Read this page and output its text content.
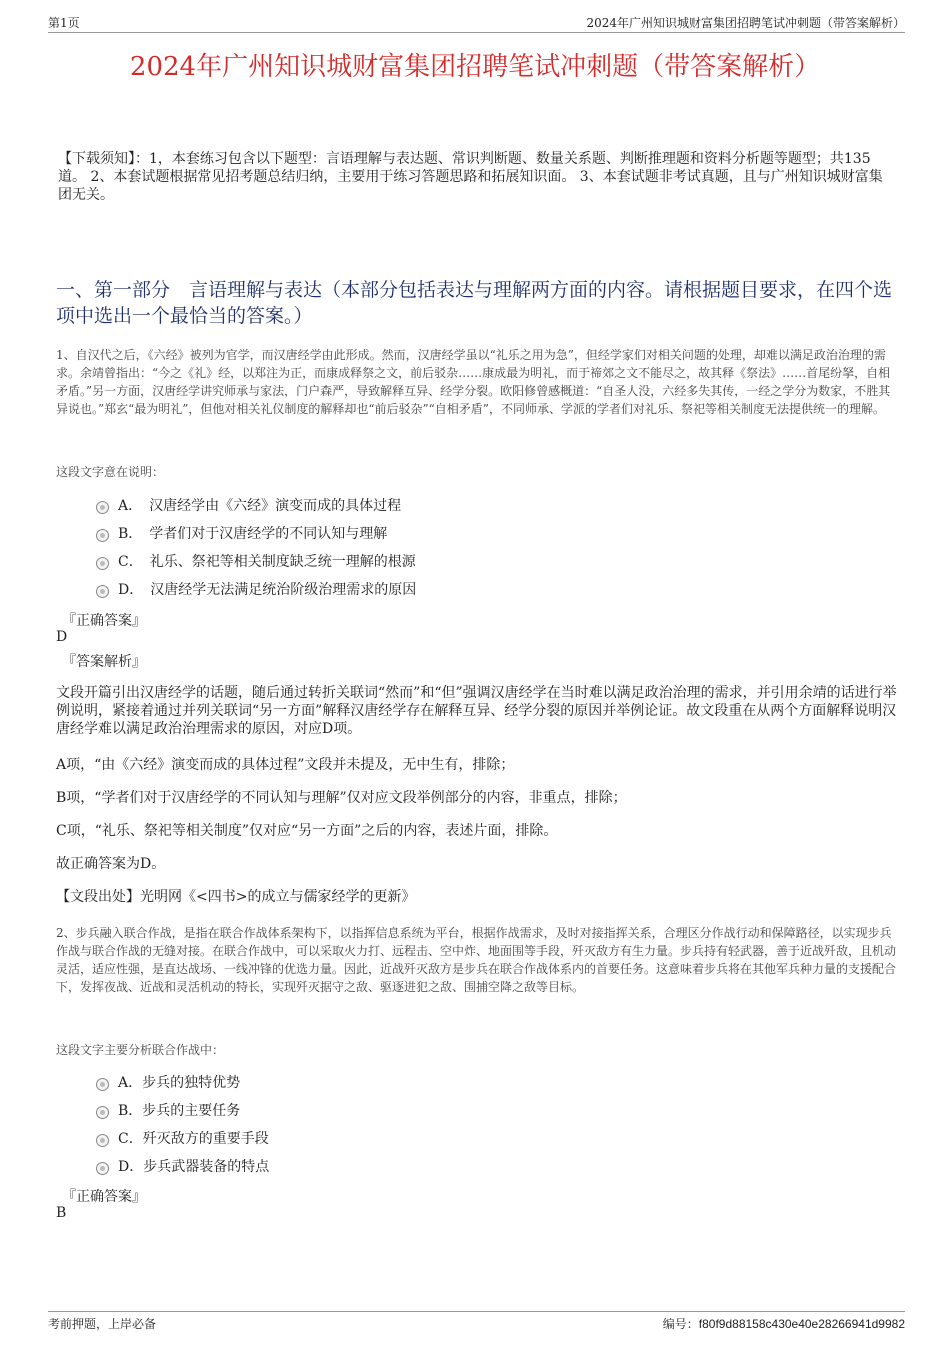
第1页	2024年广州知识城财富集团招聘笔试冲刺题（带答案解析）
2024年广州知识城财富集团招聘笔试冲刺题（带答案解析）
【下载须知】：1，本套练习包含以下题型：言语理解与表达题、常识判断题、数量关系题、判断推理题和资料分析题等题型；共135道。 2、本套试题根据常见招考题总结归纳，主要用于练习答题思路和拓展知识面。 3、本套试题非考试真题，且与广州知识城财富集团无关。
一、第一部分　言语理解与表达（本部分包括表达与理解两方面的内容。请根据题目要求，在四个选项中选出一个最恰当的答案。）
1、自汉代之后，《六经》被列为官学，而汉唐经学由此形成。然而，汉唐经学虽以“礼乐之用为急”，但经学家们对相关问题的处理，却难以满足政治治理的需求。余靖曾指出：“今之《礼》经，以郑注为正，而康成释祭之文，前后驳杂……康成最为明礼，而于禘郊之文不能尽之，故其释《祭法》……首尾纷拏，自相矛盾。”另一方面，汉唐经学讲究师承与家法，门户森严，导致解释互异、经学分裂。欧阳修曾感概道：“自圣人没，六经多失其传，一经之学分为数家，不胜其异说也。”郑玄“最为明礼”，但他对相关礼仪制度的解释却也“前后驳杂”“自相矛盾”，不同师承、学派的学者们对礼乐、祭祀等相关制度无法提供统一的理解。
这段文字意在说明：
A．　汉唐经学由《六经》演变而成的具体过程
B．　学者们对于汉唐经学的不同认知与理解
C．　礼乐、祭祀等相关制度缺乏统一理解的根源
D．　汉唐经学无法满足统治阶级治理需求的原因
『正确答案』
D
『答案解析』
文段开篇引出汉唐经学的话题，随后通过转折关联词“然而”和“但”强调汉唐经学在当时难以满足政治治理的需求，并引用余靖的话进行举例说明，紧接着通过并列关联词“另一方面”解释汉唐经学存在解释互异、经学分裂的原因并举例论证。故文段重在从两个方面解释说明汉唐经学难以满足政治治理需求的原因，对应D项。
A项，“由《六经》演变而成的具体过程”文段并未提及，无中生有，排除；
B项，“学者们对于汉唐经学的不同认知与理解”仅对应文段举例部分的内容，非重点，排除；
C项，“礼乐、祭祀等相关制度”仅对应“另一方面”之后的内容，表述片面，排除。
故正确答案为D。
【文段出处】光明网《<四书>的成立与儒家经学的更新》
2、步兵融入联合作战，是指在联合作战体系架构下，以指挥信息系统为平台，根据作战需求，及时对接指挥关系，合理区分作战行动和保障路径，以实现步兵作战与联合作战的无缝对接。在联合作战中，可以采取火力打、远程击、空中炸、地面围等手段，歼灭敌方有生力量。步兵持有轻武器，善于近战歼敌，且机动灵活，适应性强，是直达战场、一线冲锋的优选力量。因此，近战歼灭敌方是步兵在联合作战体系内的首要任务。这意味着步兵将在其他军兵种力量的支援配合下，发挥夜战、近战和灵活机动的特长，实现歼灭据守之敌、驱逐进犯之敌、围捕空降之敌等目标。
这段文字主要分析联合作战中：
A．步兵的独特优势
B．步兵的主要任务
C．歼灭敌方的重要手段
D．步兵武器装备的特点
『正确答案』
B
考前押题，上岸必备	编号：f80f9d88158c430e40e28266941d9982
